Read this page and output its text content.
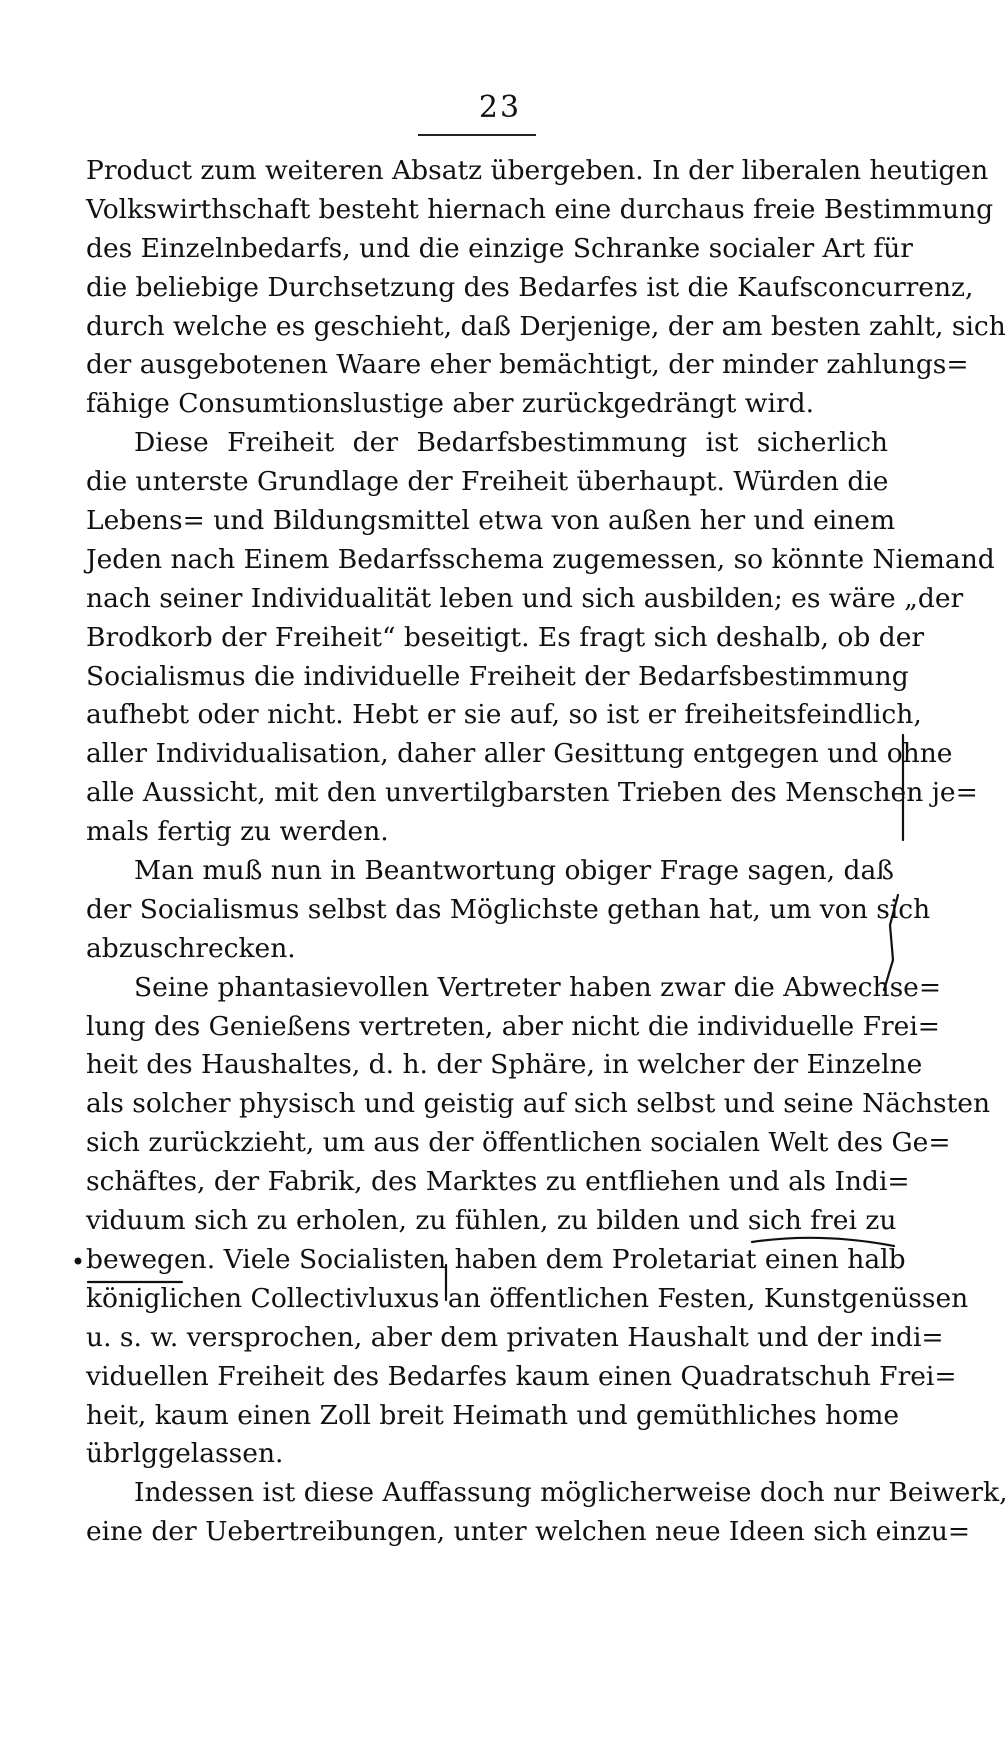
23
Product zum weiteren Absatz übergeben. In der liberalen heutigen
Volkswirthschaft besteht hiernach eine durchaus freie Bestimmung
des Einzelnbedarfs, und die einzige Schranke socialer Art für
die beliebige Durchsetzung des Bedarfes ist die Kaufsconcurrenz,
durch welche es geschieht, daß Derjenige, der am besten zahlt, sich
der ausgebotenen Waare eher bemächtigt, der minder zahlungs=
fähige Consumtionslustige aber zurückgedrängt wird.
Diese Freiheit der Bedarfsbestimmung ist sicherlich
die unterste Grundlage der Freiheit überhaupt. Würden die
Lebens= und Bildungsmittel etwa von außen her und einem
Jeden nach Einem Bedarfsschema zugemessen, so könnte Niemand
nach seiner Individualität leben und sich ausbilden; es wäre „der
Brodkorb der Freiheit“ beseitigt. Es fragt sich deshalb, ob der
Socialismus die individuelle Freiheit der Bedarfsbestimmung
aufhebt oder nicht. Hebt er sie auf, so ist er freiheitsfeindlich,
aller Individualisation, daher aller Gesittung entgegen und ohne
alle Aussicht, mit den unvertilgbarsten Trieben des Menschen je=
mals fertig zu werden.
Man muß nun in Beantwortung obiger Frage sagen, daß
der Socialismus selbst das Möglichste gethan hat, um von sich
abzuschrecken.
Seine phantasievollen Vertreter haben zwar die Abwechse=
lung des Genießens vertreten, aber nicht die individuelle Frei=
heit des Haushaltes, d. h. der Sphäre, in welcher der Einzelne
als solcher physisch und geistig auf sich selbst und seine Nächsten
sich zurückzieht, um aus der öffentlichen socialen Welt des Ge=
schäftes, der Fabrik, des Marktes zu entfliehen und als Indi=
viduum sich zu erholen, zu fühlen, zu bilden und sich frei zu
bewegen. Viele Socialisten haben dem Proletariat einen halb
königlichen Collectivluxus an öffentlichen Festen, Kunstgenüssen
u. s. w. versprochen, aber dem privaten Haushalt und der indi=
viduellen Freiheit des Bedarfes kaum einen Quadratschuh Frei=
heit, kaum einen Zoll breit Heimath und gemüthliches home
übrlggelassen.
Indessen ist diese Auffassung möglicherweise doch nur Beiwerk,
eine der Uebertreibungen, unter welchen neue Ideen sich einzu=
